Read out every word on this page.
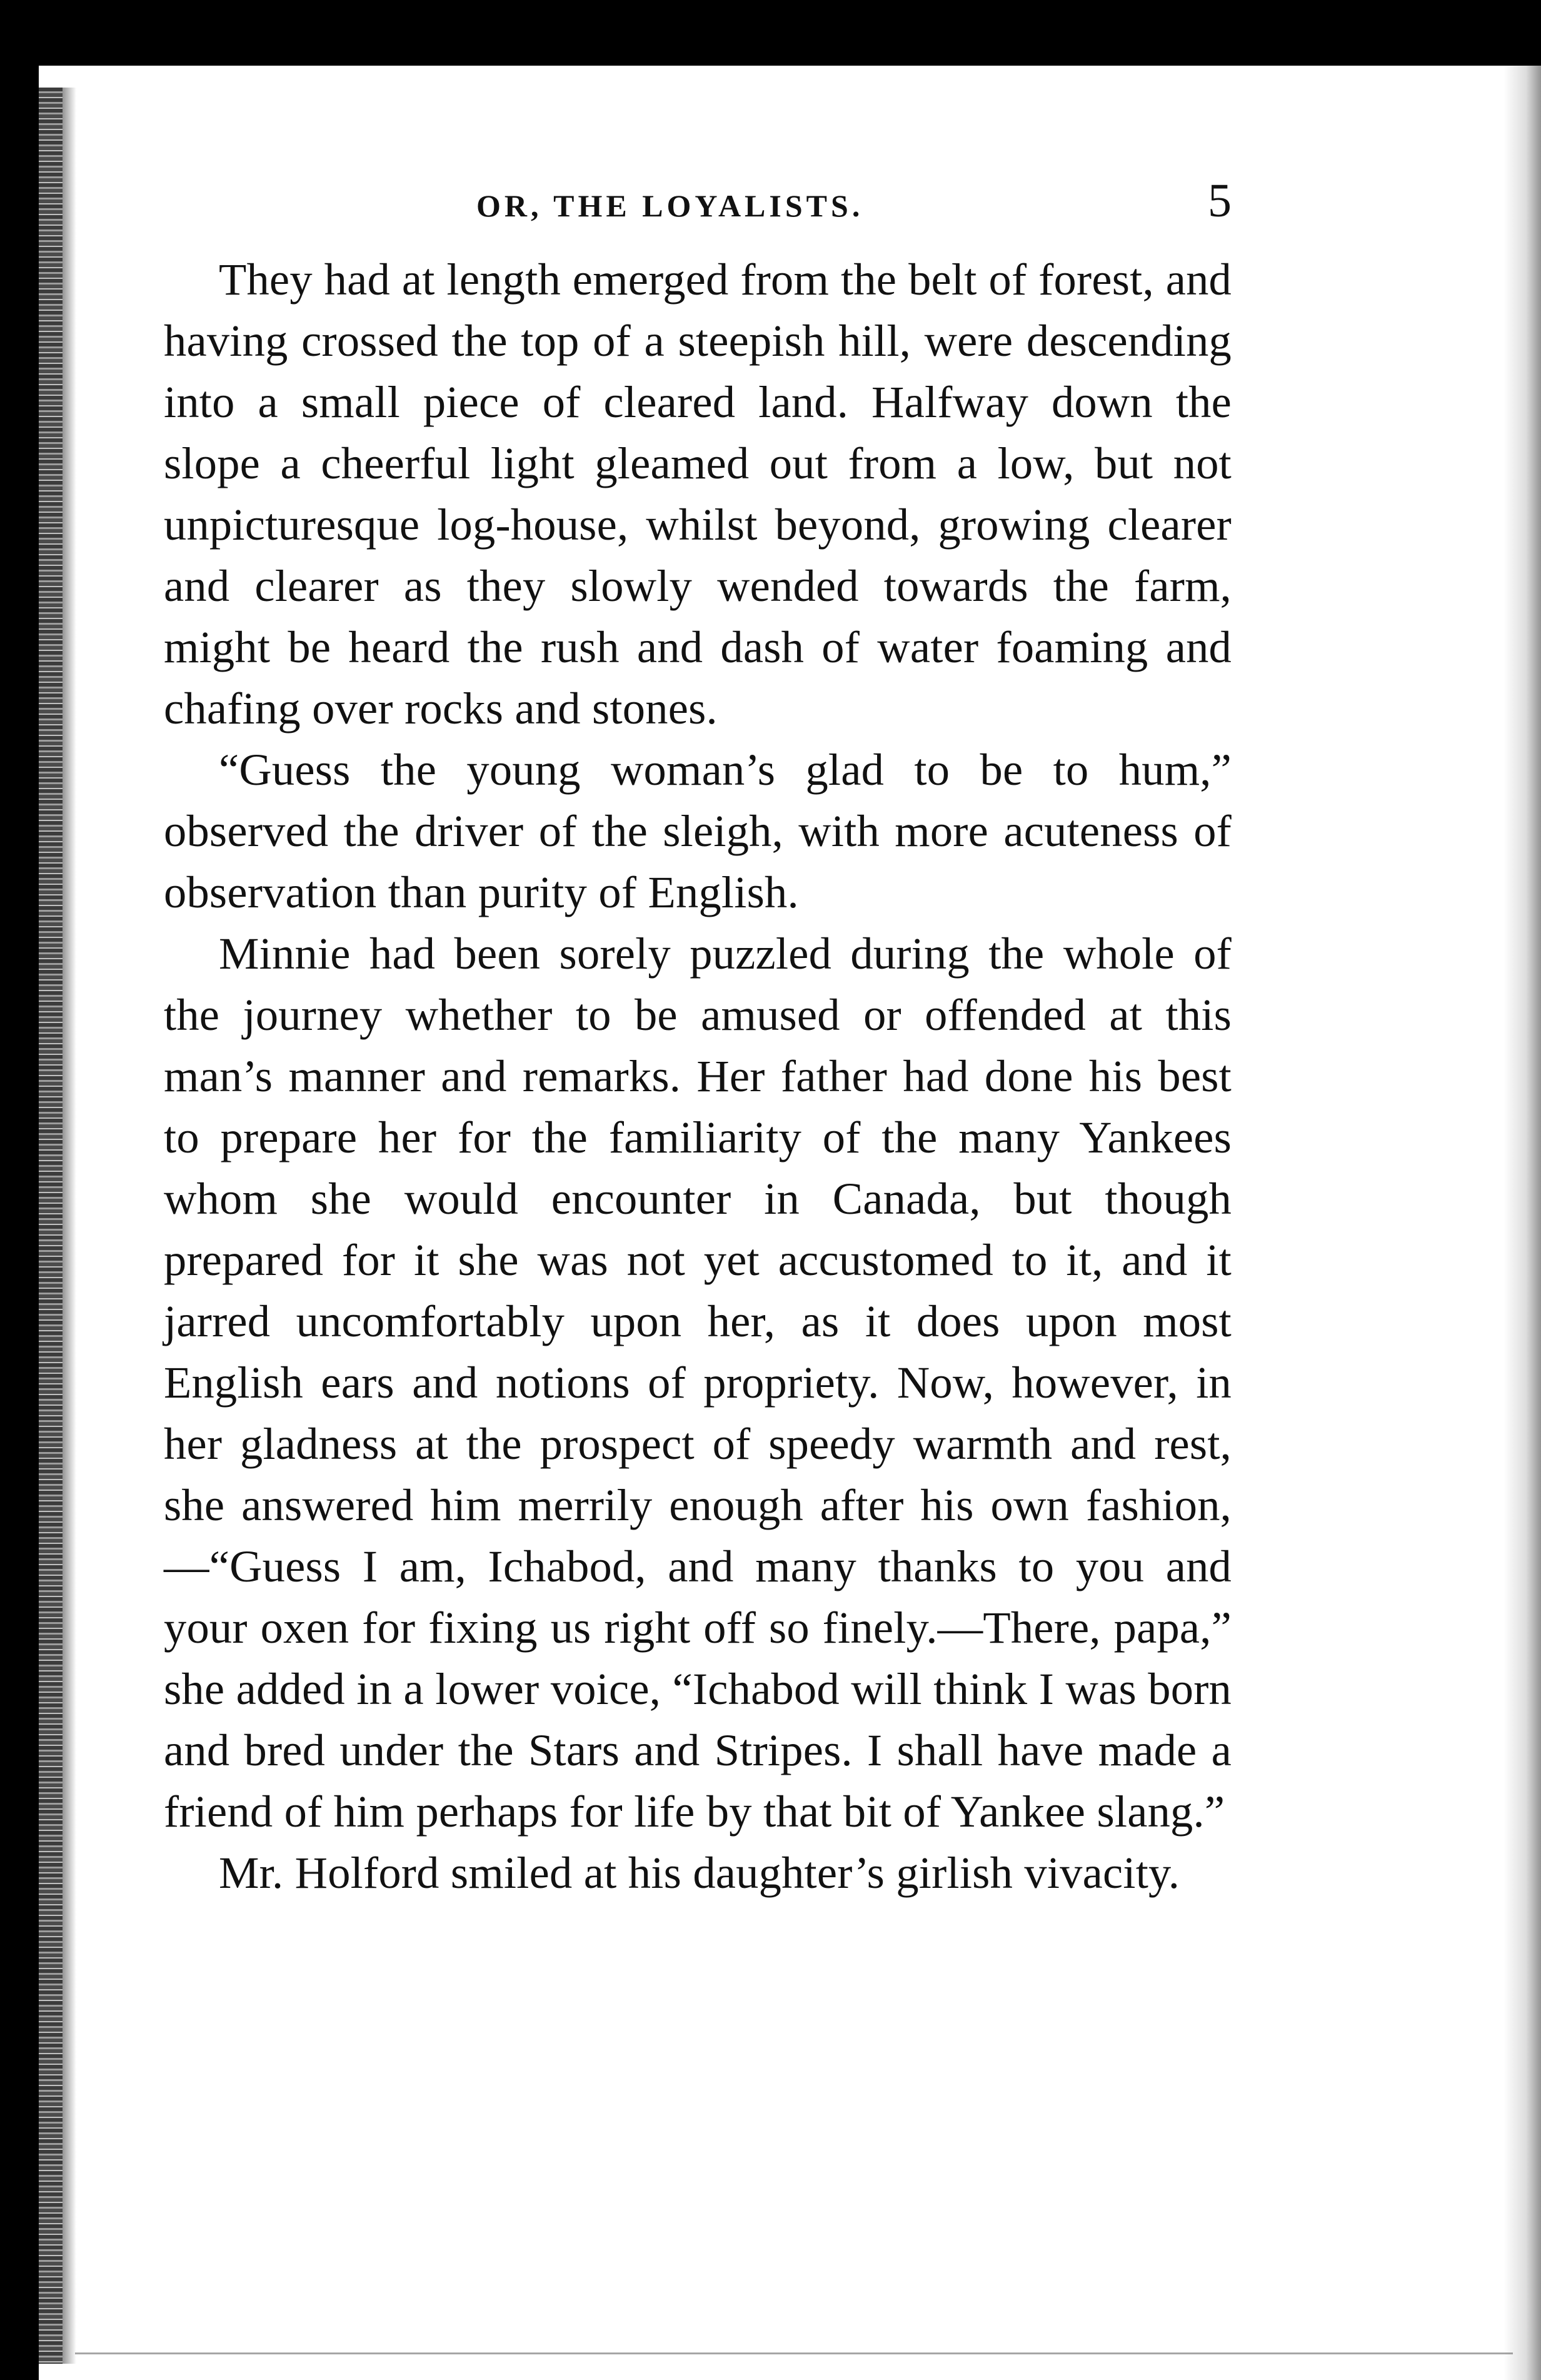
OR, THE LOYALISTS.	5

They had at length emerged from the belt of forest, and having crossed the top of a steepish hill, were descending into a small piece of cleared land. Halfway down the slope a cheerful light gleamed out from a low, but not unpicturesque log-house, whilst beyond, growing clearer and clearer as they slowly wended towards the farm, might be heard the rush and dash of water foaming and chafing over rocks and stones.

“Guess the young woman’s glad to be to hum,” observed the driver of the sleigh, with more acuteness of observation than purity of English.

Minnie had been sorely puzzled during the whole of the journey whether to be amused or offended at this man’s manner and remarks. Her father had done his best to prepare her for the familiarity of the many Yankees whom she would encounter in Canada, but though prepared for it she was not yet accustomed to it, and it jarred uncomfortably upon her, as it does upon most English ears and notions of propriety. Now, however, in her gladness at the prospect of speedy warmth and rest, she answered him merrily enough after his own fashion,—“Guess I am, Ichabod, and many thanks to you and your oxen for fixing us right off so finely.—There, papa,” she added in a lower voice, “Ichabod will think I was born and bred under the Stars and Stripes. I shall have made a friend of him perhaps for life by that bit of Yankee slang.”

Mr. Holford smiled at his daughter’s girlish vivacity.
